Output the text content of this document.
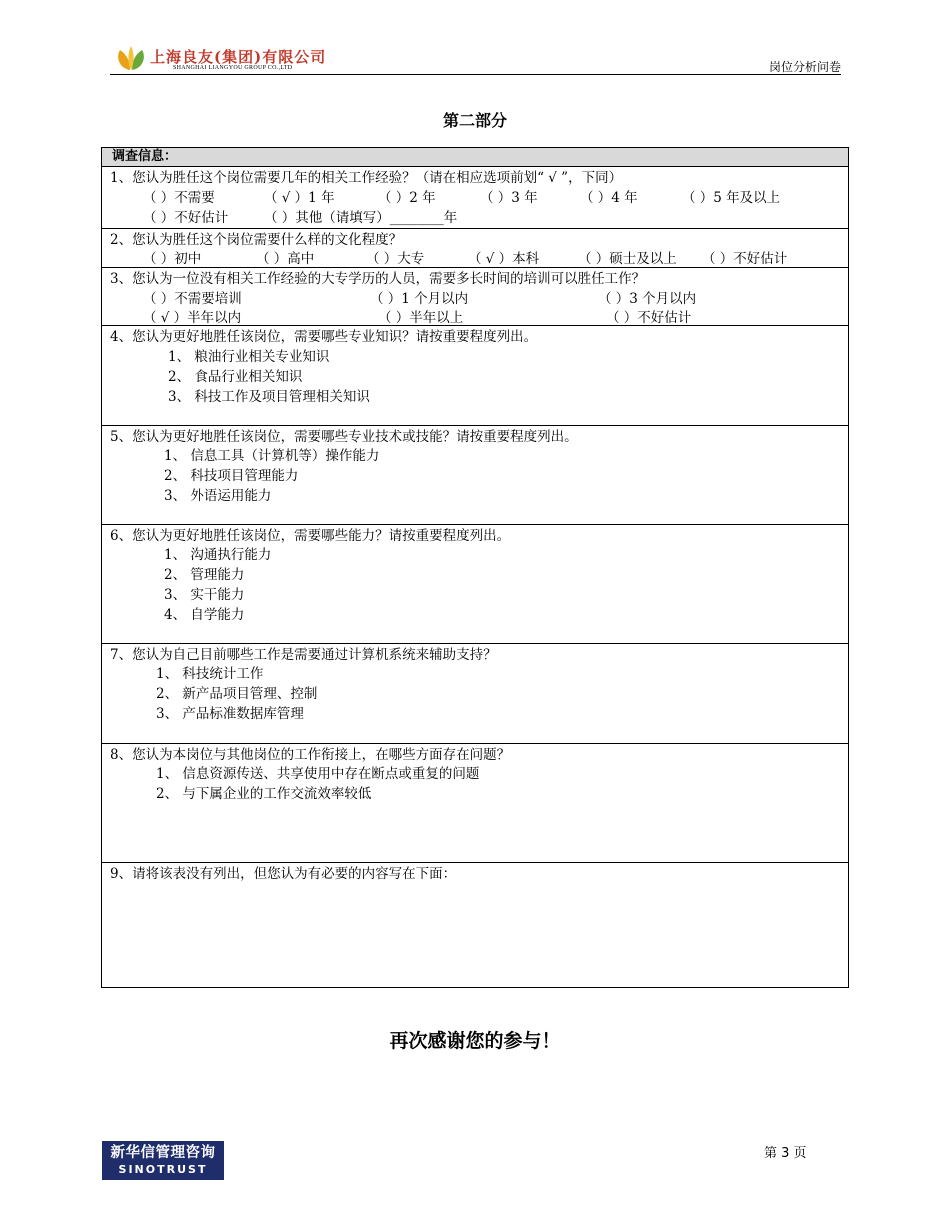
上海良友(集团)有限公司
SHANGHAI LIANGYOU GROUP CO.,LTD	岗位分析问卷
第二部分
调查信息：
1、您认为胜任这个岗位需要几年的相关工作经验？（请在相应选项前划“ √ ”，下同）
（ ）不需要	（ √ ）1 年	（ ）2 年	（ ）3 年	（ ）4 年	（ ）5 年及以上
（ ）不好估计	（ ）其他（请填写）________年
2、您认为胜任这个岗位需要什么样的文化程度？
（ ）初中	（ ）高中	（ ）大专	（ √ ）本科	（ ）硕士及以上 （ ）不好估计
3、您认为一位没有相关工作经验的大专学历的人员，需要多长时间的培训可以胜任工作？
（ ）不需要培训	（ ）1 个月以内	（ ）3 个月以内
（ √ ）半年以内	（ ）半年以上	（ ）不好估计
4、您认为更好地胜任该岗位，需要哪些专业知识？请按重要程度列出。
1、 粮油行业相关专业知识
2、 食品行业相关知识
3、 科技工作及项目管理相关知识
5、您认为更好地胜任该岗位，需要哪些专业技术或技能？请按重要程度列出。
1、 信息工具（计算机等）操作能力
2、 科技项目管理能力
3、 外语运用能力
6、您认为更好地胜任该岗位，需要哪些能力？请按重要程度列出。
1、 沟通执行能力
2、 管理能力
3、 实干能力
4、 自学能力
7、您认为自己目前哪些工作是需要通过计算机系统来辅助支持？
1、 科技统计工作
2、 新产品项目管理、控制
3、 产品标准数据库管理
8、您认为本岗位与其他岗位的工作衔接上，在哪些方面存在问题？
1、 信息资源传送、共享使用中存在断点或重复的问题
2、 与下属企业的工作交流效率较低
9、请将该表没有列出，但您认为有必要的内容写在下面：
再次感谢您的参与！
新华信管理咨询
SINOTRUST
第 3 页
